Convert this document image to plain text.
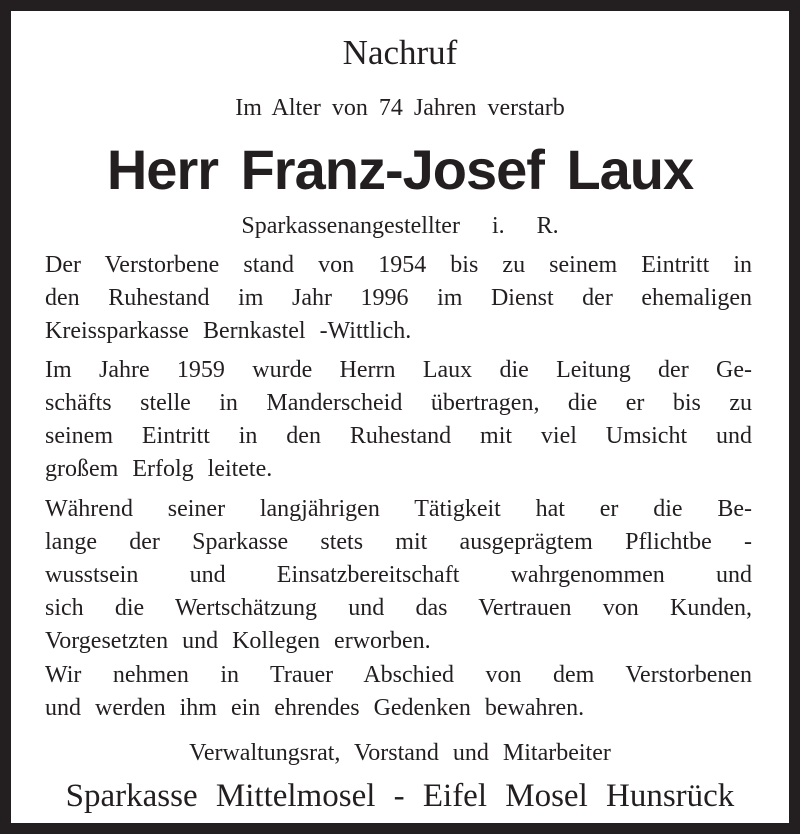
Nachruf
Im Alter von 74 Jahren verstarb
Herr Franz-Josef Laux
Sparkassenangestellter i. R.
Der Verstorbene stand von 1954 bis zu seinem Eintritt in
den Ruhestand im Jahr 1996 im Dienst der ehemaligen
Kreissparkasse Bernkastel -Wittlich.
Im Jahre 1959 wurde Herrn Laux die Leitung der Ge-
schäfts stelle in Manderscheid übertragen, die er bis zu
seinem Eintritt in den Ruhestand mit viel Umsicht und
großem Erfolg leitete.
Während seiner langjährigen Tätigkeit hat er die Be-
lange der Sparkasse stets mit ausgeprägtem Pflichtbe -
wusstsein und Einsatzbereitschaft wahrgenommen und
sich die Wertschätzung und das Vertrauen von Kunden,
Vorgesetzten und Kollegen erworben.
Wir nehmen in Trauer Abschied von dem Verstorbenen
und werden ihm ein ehrendes Gedenken bewahren.
Verwaltungsrat, Vorstand und Mitarbeiter
Sparkasse Mittelmosel - Eifel Mosel Hunsrück
